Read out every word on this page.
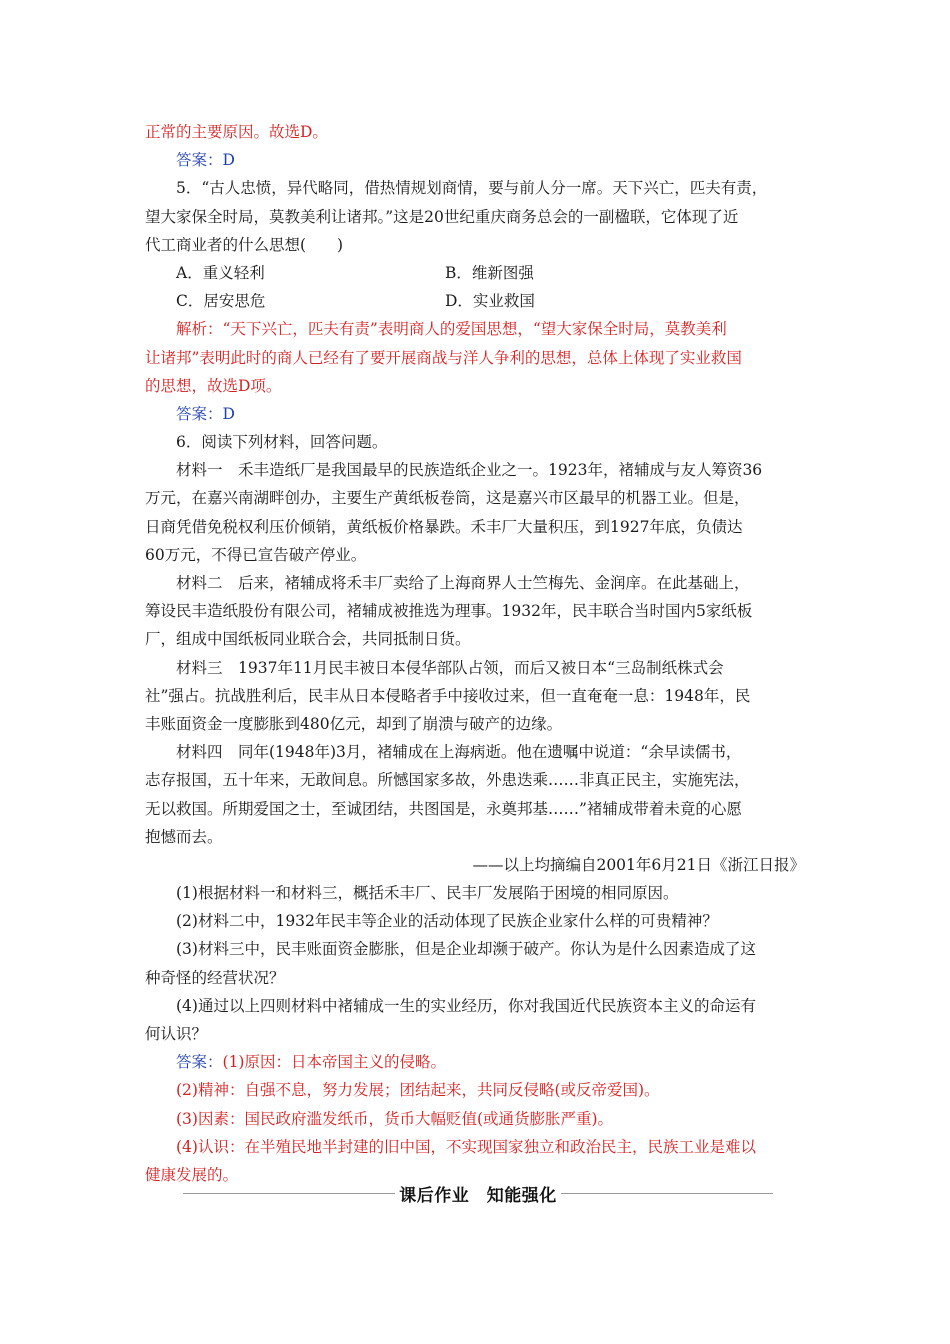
正常的主要原因。故选D。
答案：D
5．“古人忠愤，异代略同，借热情规划商情，要与前人分一席。天下兴亡，匹夫有责，
望大家保全时局，莫教美利让诸邦。”这是20世纪重庆商务总会的一副楹联，它体现了近
代工商业者的什么思想(　　)
A．重义轻利	B．维新图强
C．居安思危	D．实业救国
解析：“天下兴亡，匹夫有责”表明商人的爱国思想，“望大家保全时局，莫教美利
让诸邦”表明此时的商人已经有了要开展商战与洋人争利的思想，总体上体现了实业救国
的思想，故选D项。
答案：D
6．阅读下列材料，回答问题。
材料一　禾丰造纸厂是我国最早的民族造纸企业之一。1923年，褚辅成与友人筹资36
万元，在嘉兴南湖畔创办，主要生产黄纸板卷筒，这是嘉兴市区最早的机器工业。但是，
日商凭借免税权利压价倾销，黄纸板价格暴跌。禾丰厂大量积压，到1927年底，负债达
60万元，不得已宣告破产停业。
材料二　后来，褚辅成将禾丰厂卖给了上海商界人士竺梅先、金润庠。在此基础上，
筹设民丰造纸股份有限公司，褚辅成被推选为理事。1932年，民丰联合当时国内5家纸板
厂，组成中国纸板同业联合会，共同抵制日货。
材料三　1937年11月民丰被日本侵华部队占领，而后又被日本“三岛制纸株式会
社”强占。抗战胜利后，民丰从日本侵略者手中接收过来，但一直奄奄一息：1948年，民
丰账面资金一度膨胀到480亿元，却到了崩溃与破产的边缘。
材料四　同年(1948年)3月，褚辅成在上海病逝。他在遗嘱中说道：“余早读儒书，
志存报国，五十年来，无敢间息。所憾国家多故，外患迭乘……非真正民主，实施宪法，
无以救国。所期爱国之士，至诚团结，共图国是，永奠邦基……”褚辅成带着未竟的心愿
抱憾而去。
——以上均摘编自2001年6月21日《浙江日报》
(1)根据材料一和材料三，概括禾丰厂、民丰厂发展陷于困境的相同原因。
(2)材料二中，1932年民丰等企业的活动体现了民族企业家什么样的可贵精神？
(3)材料三中，民丰账面资金膨胀，但是企业却濒于破产。你认为是什么因素造成了这
种奇怪的经营状况？
(4)通过以上四则材料中褚辅成一生的实业经历，你对我国近代民族资本主义的命运有
何认识？
答案：(1)原因：日本帝国主义的侵略。
(2)精神：自强不息，努力发展；团结起来，共同反侵略(或反帝爱国)。
(3)因素：国民政府滥发纸币，货币大幅贬值(或通货膨胀严重)。
(4)认识：在半殖民地半封建的旧中国，不实现国家独立和政治民主，民族工业是难以
健康发展的。
课后作业　知能强化
